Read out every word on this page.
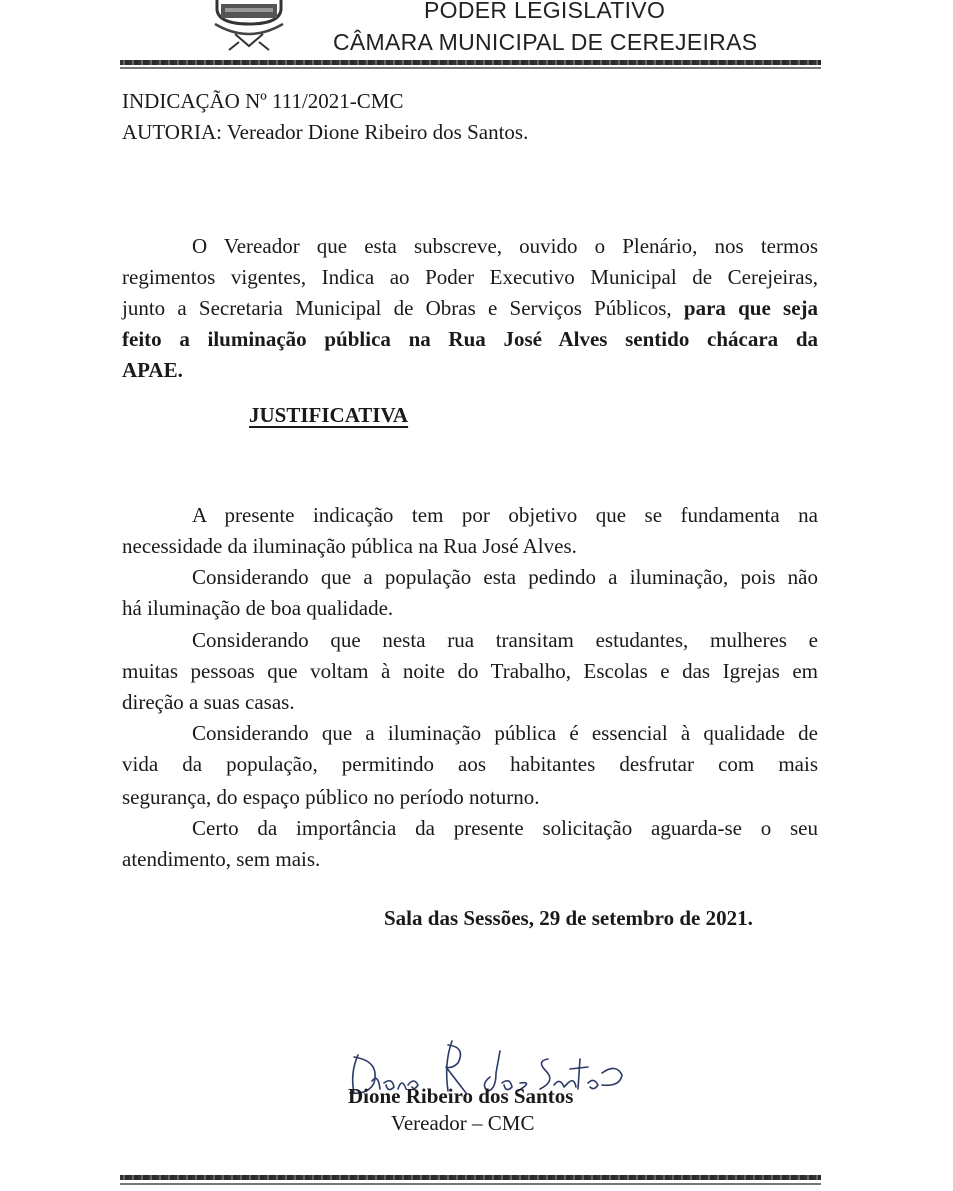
PODER LEGISLATIVO
CÂMARA MUNICIPAL DE CEREJEIRAS
INDICAÇÃO Nº 111/2021-CMC
AUTORIA: Vereador Dione Ribeiro dos Santos.
O Vereador que esta subscreve, ouvido o Plenário, nos termos
regimentos vigentes, Indica ao Poder Executivo Municipal de Cerejeiras,
junto a Secretaria Municipal de Obras e Serviços Públicos, para que seja
feito a iluminação pública na Rua José Alves sentido chácara da
APAE.
JUSTIFICATIVA
A presente indicação tem por objetivo que se fundamenta na
necessidade da iluminação pública na Rua José Alves.
Considerando que a população esta pedindo a iluminação, pois não
há iluminação de boa qualidade.
Considerando que nesta rua transitam estudantes, mulheres e
muitas pessoas que voltam à noite do Trabalho, Escolas e das Igrejas em
direção a suas casas.
Considerando que a iluminação pública é essencial à qualidade de
vida da população, permitindo aos habitantes desfrutar com mais
segurança, do espaço público no período noturno.
Certo da importância da presente solicitação aguarda-se o seu
atendimento, sem mais.
Sala das Sessões, 29 de setembro de 2021.
Dione Ribeiro dos Santos
Vereador – CMC
